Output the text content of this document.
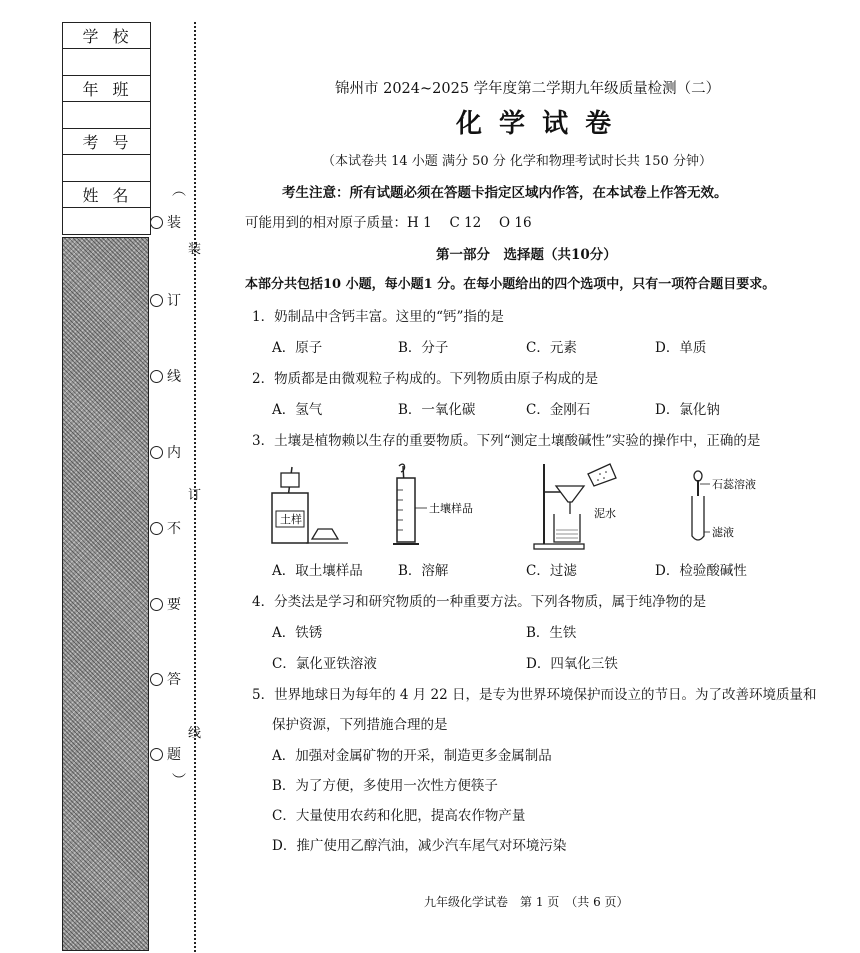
学校
年班
考号
姓名
装
订
线
内
不
要
答
题
︵
︶
装
订
线
锦州市 2024~2025 学年度第二学期九年级质量检测（二）
化 学 试 卷
（本试卷共 14 小题 满分 50 分 化学和物理考试时长共 150 分钟）
考生注意：所有试题必须在答题卡指定区域内作答，在本试卷上作答无效。
可能用到的相对原子质量：H 1　 C 12　 O 16
第一部分　选择题（共10分）
本部分共包括10 小题，每小题1 分。在每小题给出的四个选项中，只有一项符合题目要求。
1．奶制品中含钙丰富。这里的“钙”指的是
A．原子	B．分子	C．元素	D．单质
2．物质都是由微观粒子构成的。下列物质由原子构成的是
A．氢气	B．一氧化碳	C．金刚石	D．氯化钠
3．土壤是植物赖以生存的重要物质。下列“测定土壤酸碱性”实验的操作中，正确的是
土样
土壤样品	泥水
石蕊溶液
滤液
A．取土壤样品	B．溶解	C．过滤	D．检验酸碱性
4．分类法是学习和研究物质的一种重要方法。下列各物质，属于纯净物的是
A．铁锈	B．生铁
C．氯化亚铁溶液	D．四氧化三铁
5．世界地球日为每年的 4 月 22 日，是专为世界环境保护而设立的节日。为了改善环境质量和
保护资源，下列措施合理的是
A．加强对金属矿物的开采，制造更多金属制品
B．为了方便，多使用一次性方便筷子
C．大量使用农药和化肥，提高农作物产量
D．推广使用乙醇汽油，减少汽车尾气对环境污染
九年级化学试卷　第 1 页　（共 6 页）
